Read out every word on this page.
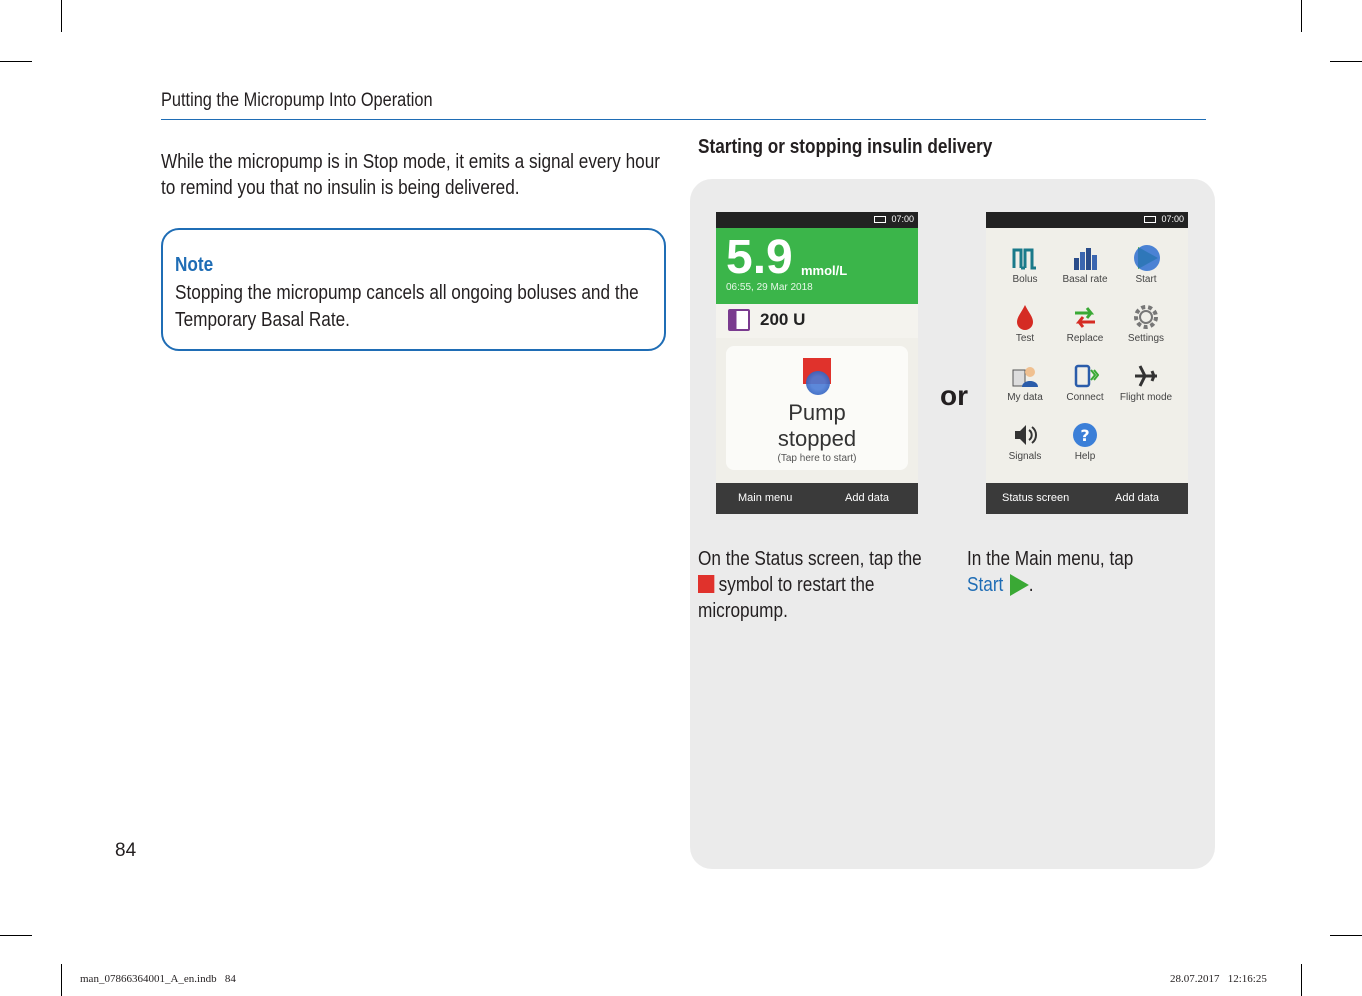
Putting the Micropump Into Operation
While the micropump is in Stop mode, it emits a signal every hour
to remind you that no insulin is being delivered.
Note
Stopping the micropump cancels all ongoing boluses and the
Temporary Basal Rate.
Starting or stopping insulin delivery
07:00
5.9 mmol/L
06:55, 29 Mar 2018
200 U
Pump
stopped
(Tap here to start)
Main menu	Add data
or
07:00
Bolus	Basal rate	Start
Test	Replace	Settings
My data	Connect	Flight mode
Signals
?
Help
Status screen	Add data
On the Status screen, tap the
symbol to restart the
micropump.
In the Main menu, tap
Start .
84
man_07866364001_A_en.indb   84	28.07.2017   12:16:25
